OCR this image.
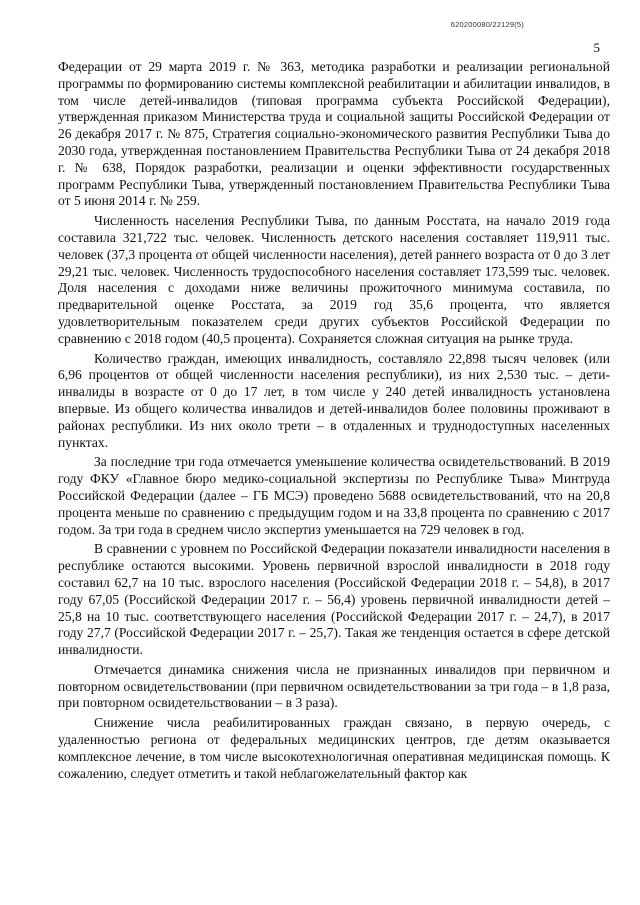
620200080/22129(5)
5

Федерации от 29 марта 2019 г. № 363, методика разработки и реализации региональной программы по формированию системы комплексной реабилитации и абилитации инвалидов, в том числе детей-инвалидов (типовая программа субъекта Российской Федерации), утвержденная приказом Министерства труда и социальной защиты Российской Федерации от 26 декабря 2017 г. № 875, Стратегия социально-экономического развития Республики Тыва до 2030 года, утвержденная постановлением Правительства Республики Тыва от 24 декабря 2018 г. № 638, Порядок разработки, реализации и оценки эффективности государственных программ Республики Тыва, утвержденный постановлением Правительства Республики Тыва от 5 июня 2014 г. № 259.

Численность населения Республики Тыва, по данным Росстата, на начало 2019 года составила 321,722 тыс. человек. Численность детского населения составляет 119,911 тыс. человек (37,3 процента от общей численности населения), детей раннего возраста от 0 до 3 лет 29,21 тыс. человек. Численность трудоспособного населения составляет 173,599 тыс. человек. Доля населения с доходами ниже величины прожиточного минимума составила, по предварительной оценке Росстата, за 2019 год 35,6 процента, что является удовлетворительным показателем среди других субъектов Российской Федерации по сравнению с 2018 годом (40,5 процента). Сохраняется сложная ситуация на рынке труда.

Количество граждан, имеющих инвалидность, составляло 22,898 тысяч человек (или 6,96 процентов от общей численности населения республики), из них 2,530 тыс. – дети-инвалиды в возрасте от 0 до 17 лет, в том числе у 240 детей инвалидность установлена впервые. Из общего количества инвалидов и детей-инвалидов более половины проживают в районах республики. Из них около трети – в отдаленных и труднодоступных населенных пунктах.

За последние три года отмечается уменьшение количества освидетельствований. В 2019 году ФКУ «Главное бюро медико-социальной экспертизы по Республике Тыва» Минтруда Российской Федерации (далее – ГБ МСЭ) проведено 5688 освидетельствований, что на 20,8 процента меньше по сравнению с предыдущим годом и на 33,8 процента по сравнению с 2017 годом. За три года в среднем число экспертиз уменьшается на 729 человек в год.

В сравнении с уровнем по Российской Федерации показатели инвалидности населения в республике остаются высокими. Уровень первичной взрослой инвалидности в 2018 году составил 62,7 на 10 тыс. взрослого населения (Российской Федерации 2018 г. – 54,8), в 2017 году 67,05 (Российской Федерации 2017 г. – 56,4) уровень первичной инвалидности детей – 25,8 на 10 тыс. соответствующего населения (Российской Федерации 2017 г. – 24,7), в 2017 году 27,7 (Российской Федерации 2017 г. – 25,7). Такая же тенденция остается в сфере детской инвалидности.

Отмечается динамика снижения числа не признанных инвалидов при первичном и повторном освидетельствовании (при первичном освидетельствовании за три года – в 1,8 раза, при повторном освидетельствовании – в 3 раза).

Снижение числа реабилитированных граждан связано, в первую очередь, с удаленностью региона от федеральных медицинских центров, где детям оказывается комплексное лечение, в том числе высокотехнологичная оперативная медицинская помощь. К сожалению, следует отметить и такой неблагожелательный фактор как
